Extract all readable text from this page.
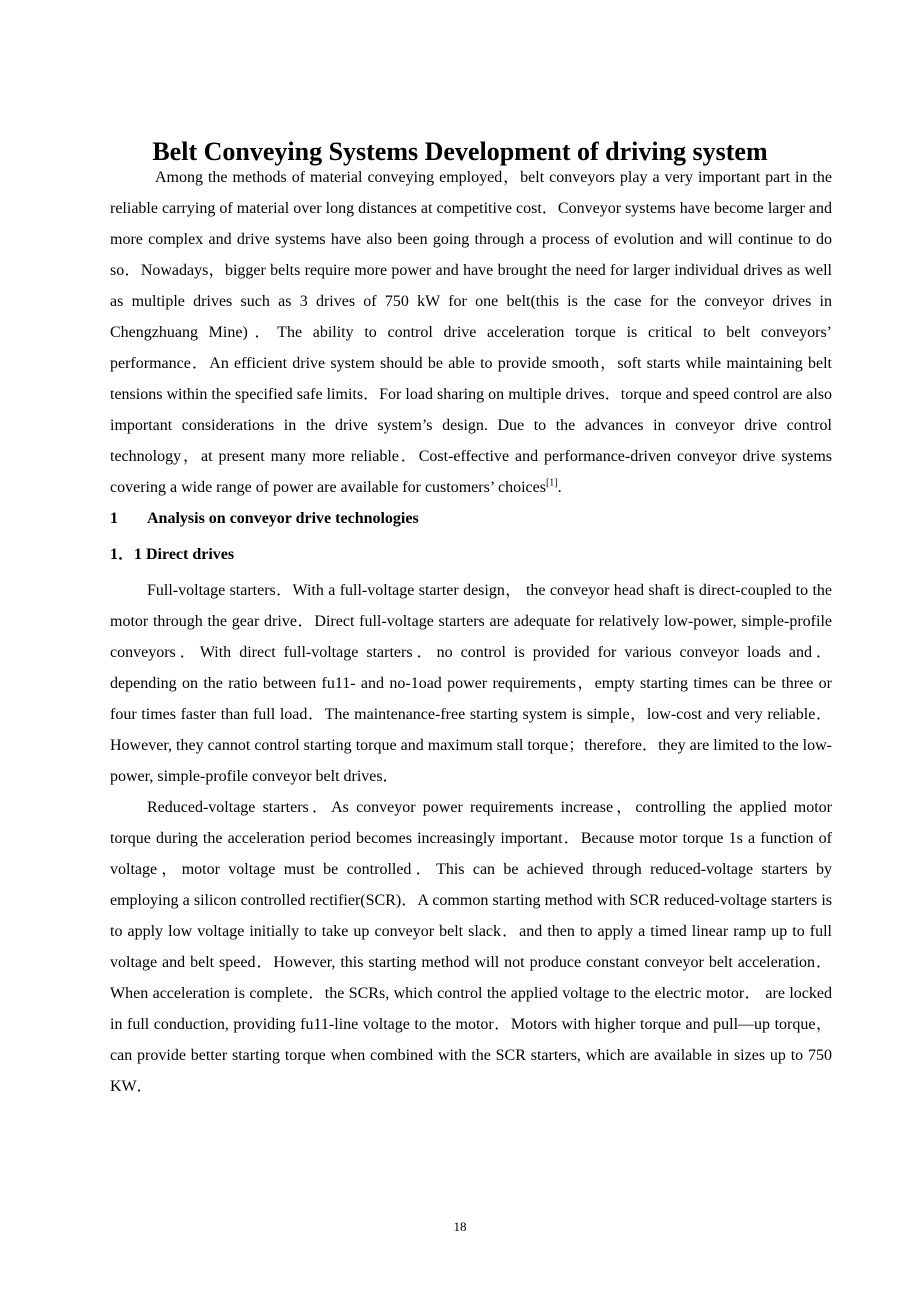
Belt Conveying Systems Development of driving system

Among the methods of material conveying employed，belt conveyors play a very important part in the reliable carrying of material over long distances at competitive cost．Conveyor systems have become larger and more complex and drive systems have also been going through a process of evolution and will continue to do so．Nowadays，bigger belts require more power and have brought the need for larger individual drives as well as multiple drives such as 3 drives of 750 kW for one belt(this is the case for the conveyor drives in Chengzhuang Mine)．The ability to control drive acceleration torque is critical to belt conveyors’ performance．An efficient drive system should be able to provide smooth，soft starts while maintaining belt tensions within the specified safe limits．For load sharing on multiple drives．torque and speed control are also important considerations in the drive system’s design. Due to the advances in conveyor drive control technology，at present many more reliable．Cost-effective and performance-driven conveyor drive systems covering a wide range of power are available for customers’ choices[1].

1 Analysis on conveyor drive technologies
1．1 Direct drives

Full-voltage starters．With a full-voltage starter design， the conveyor head shaft is direct-coupled to the motor through the gear drive．Direct full-voltage starters are adequate for relatively low-power, simple-profile conveyors．With direct full-voltage starters．no control is provided for various conveyor loads and． depending on the ratio between fu11- and no-1oad power requirements，empty starting times can be three or four times faster than full load．The maintenance-free starting system is simple，low-cost and very reliable．However, they cannot control starting torque and maximum stall torque；therefore．they are limited to the low-power, simple-profile conveyor belt drives．

Reduced-voltage starters．As conveyor power requirements increase，controlling the applied motor torque during the acceleration period becomes increasingly important．Because motor torque 1s a function of voltage，motor voltage must be controlled．This can be achieved through reduced-voltage starters by employing a silicon controlled rectifier(SCR)．A common starting method with SCR reduced-voltage starters is to apply low voltage initially to take up conveyor belt slack．and then to apply a timed linear ramp up to full voltage and belt speed．However, this starting method will not produce constant conveyor belt acceleration．When acceleration is complete．the SCRs, which control the applied voltage to the electric motor． are locked in full conduction, providing fu11-line voltage to the motor．Motors with higher torque and pull—up torque，can provide better starting torque when combined with the SCR starters, which are available in sizes up to 750 KW．

18
